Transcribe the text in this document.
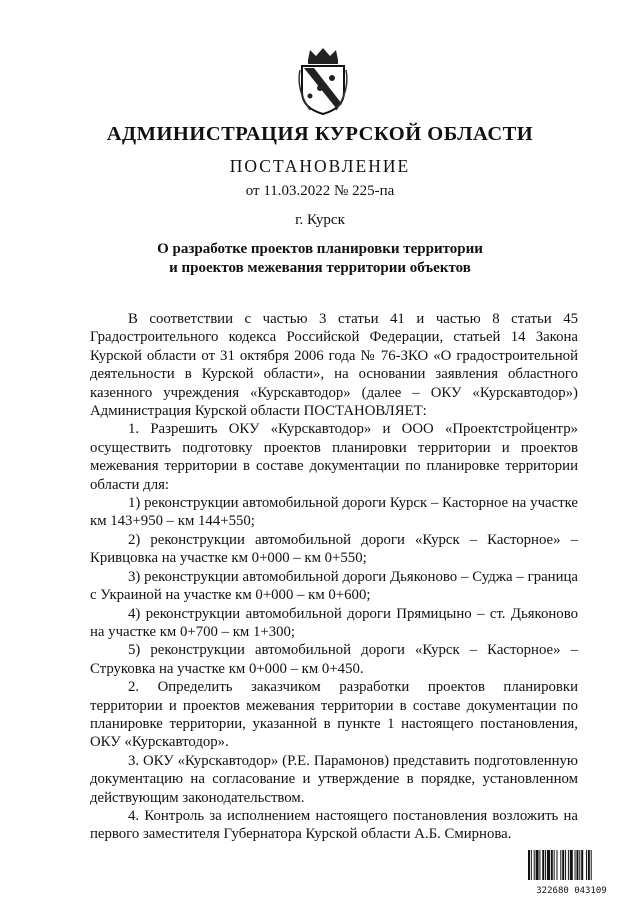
АДМИНИСТРАЦИЯ КУРСКОЙ ОБЛАСТИ
ПОСТАНОВЛЕНИЕ
от 11.03.2022 № 225-па
г. Курск
О разработке проектов планировки территории
и проектов межевания территории объектов

В соответствии с частью 3 статьи 41 и частью 8 статьи 45 Градостроительного кодекса Российской Федерации, статьей 14 Закона Курской области от 31 октября 2006 года № 76-ЗКО «О градостроительной деятельности в Курской области», на основании заявления областного казенного учреждения «Курскавтодор» (далее – ОКУ «Курскавтодор») Администрация Курской области ПОСТАНОВЛЯЕТ:

1. Разрешить ОКУ «Курскавтодор» и ООО «Проектстройцентр» осуществить подготовку проектов планировки территории и проектов межевания территории в составе документации по планировке территории области для:

1) реконструкции автомобильной дороги Курск – Касторное на участке км 143+950 – км 144+550;

2) реконструкции автомобильной дороги «Курск – Касторное» – Кривцовка на участке км 0+000 – км 0+550;

3) реконструкции автомобильной дороги Дьяконово – Суджа – граница с Украиной на участке км 0+000 – км 0+600;

4) реконструкции автомобильной дороги Прямицыно – ст. Дьяконово на участке км 0+700 – км 1+300;

5) реконструкции автомобильной дороги «Курск – Касторное» – Струковка на участке км 0+000 – км 0+450.

2. Определить заказчиком разработки проектов планировки территории и проектов межевания территории в составе документации по планировке территории, указанной в пункте 1 настоящего постановления, ОКУ «Курскавтодор».

3. ОКУ «Курскавтодор» (Р.Е. Парамонов) представить подготовленную документацию на согласование и утверждение в порядке, установленном действующим законодательством.

4. Контроль за исполнением настоящего постановления возложить на первого заместителя Губернатора Курской области А.Б. Смирнова.

322680 043109
